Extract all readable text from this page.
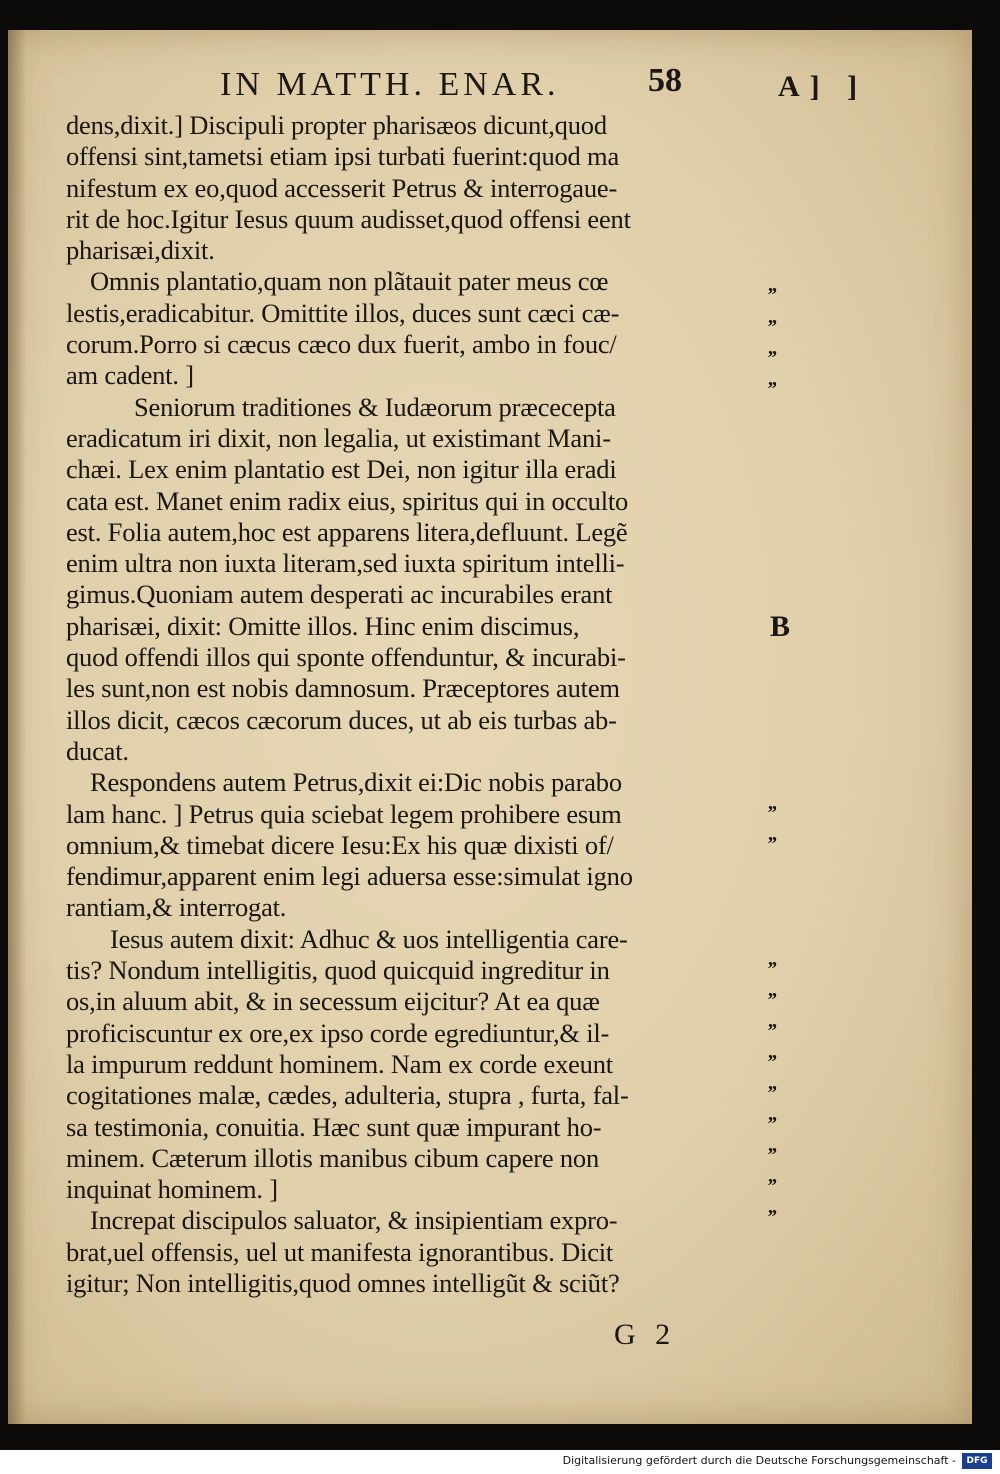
IN MATTH. ENAR.	58	A] ]
dens,dixit.] Discipuli propter pharisæos dicunt,quod
offensi sint,tametsi etiam ipsi turbati fuerint:quod ma
nifestum ex eo,quod accesserit Petrus & interrogaue-
rit de hoc.Igitur Iesus quum audisset,quod offensi eent
pharisæi,dixit.
Omnis plantatio,quam non plãtauit pater meus cœ
lestis,eradicabitur. Omittite illos, duces sunt cæci cæ-
corum.Porro si cæcus cæco dux fuerit, ambo in fouc/
am cadent. ]
Seniorum traditiones & Iudæorum præcecepta
eradicatum iri dixit, non legalia, ut existimant Mani-
chæi. Lex enim plantatio est Dei, non igitur illa eradi
cata est. Manet enim radix eius, spiritus qui in occulto
est. Folia autem,hoc est apparens litera,defluunt. Legẽ
enim ultra non iuxta literam,sed iuxta spiritum intelli-
gimus.Quoniam autem desperati ac incurabiles erant
pharisæi, dixit: Omitte illos. Hinc enim discimus,
quod offendi illos qui sponte offenduntur, & incurabi-
les sunt,non est nobis damnosum. Præceptores autem
illos dicit, cæcos cæcorum duces, ut ab eis turbas ab-
ducat.
Respondens autem Petrus,dixit ei:Dic nobis parabo
lam hanc. ] Petrus quia sciebat legem prohibere esum
omnium,& timebat dicere Iesu:Ex his quæ dixisti of/
fendimur,apparent enim legi aduersa esse:simulat igno
rantiam,& interrogat.
Iesus autem dixit: Adhuc & uos intelligentia care-
tis? Nondum intelligitis, quod quicquid ingreditur in
os,in aluum abit, & in secessum eijcitur? At ea quæ
proficiscuntur ex ore,ex ipso corde egrediuntur,& il-
la impurum reddunt hominem. Nam ex corde exeunt
cogitationes malæ, cædes, adulteria, stupra , furta, fal-
sa testimonia, conuitia. Hæc sunt quæ impurant ho-
minem. Cæterum illotis manibus cibum capere non
inquinat hominem. ]
Increpat discipulos saluator, & insipientiam expro-
brat,uel offensis, uel ut manifesta ignorantibus. Dicit
igitur; Non intelligitis,quod omnes intelligũt & sciũt?
,,
,,
,,
,,
,,
,,
,,
,,
,,
,,
,,
,,
,,
,,
,,
B
G 2
Digitalisierung gefördert durch die Deutsche Forschungsgemeinschaft -	DFG
